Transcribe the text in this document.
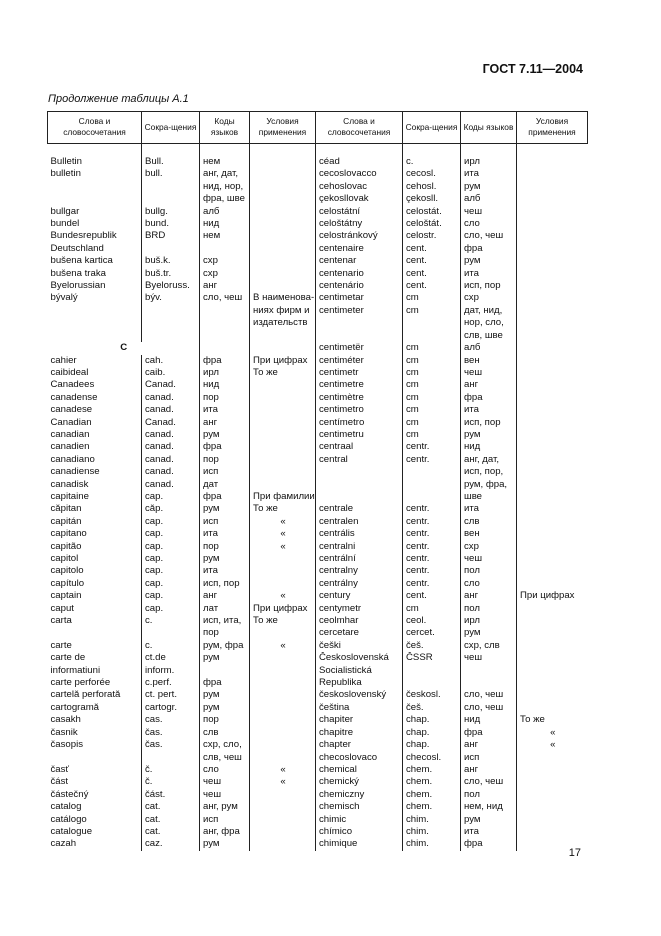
ГОСТ 7.11—2004
Продолжение таблицы А.1
Слова и словосочетания	Сокра-щения	Коды языков	Условия применения	Слова и словосочетания	Сокра-щения	Коды языков	Условия применения

Bulletin	Bull.	нем		céad	c.	ирл	
bulletin	bull.	анг, дат,		cecoslovacco	cecosl.	ита	
		нид, нор,		cehoslovac	cehosl.	рум	
		фра, шве		çekosllovak	çekosll.	алб	
bullgar	bullg.	алб		celostátní	celostát.	чеш	
bundel	bund.	нид		celoštátny	celoštát.	сло	
Bundesrepublik	BRD	нем		celostránkový	celostr.	сло, чеш	
Deutschland				centenaire	cent.	фра	
bušena kartica	buš.k.	схр		centenar	cent.	рум	
bušena traka	buš.tr.	схр		centenario	cent.	ита	
Byelorussian	Byeloruss.	анг		centenário	cent.	исп, пор	
bývalý	býv.	сло, чеш	В наименова-	centimetar	cm	схр	
			ниях фирм и	centimeter	cm	дат, нид,	
			издательств			нор, сло,	
						слв, шве	
C				centimetër	cm	алб	
cahier	cah.	фра	При цифрах	centiméter	cm	вен	
caibideal	caib.	ирл	То же	centimetr	cm	чеш	
Canadees	Canad.	нид		centimetre	cm	анг	
canadense	canad.	пор		centimètre	cm	фра	
canadese	canad.	ита		centimetro	cm	ита	
Canadian	Canad.	анг		centímetro	cm	исп, пор	
canadian	canad.	рум		centimetru	cm	рум	
canadien	canad.	фра		centraal	centr.	нид	
canadiano	canad.	пор		central	centr.	анг, дат,	
canadiense	canad.	исп				исп, пор,	
canadisk	canad.	дат				рум, фра,	
capitaine	cap.	фра	При фамилии			шве	
căpitan	căp.	рум	То же	centrale	centr.	ита	
capitán	cap.	исп	«	centralen	centr.	слв	
capitano	cap.	ита	«	centrális	centr.	вен	
capitão	cap.	пор	«	centralni	centr.	схр	
capitol	cap.	рум		centrální	centr.	чеш	
capitolo	cap.	ита		centralny	centr.	пол	
capítulo	cap.	исп, пор		centrálny	centr.	сло	
captain	cap.	анг	«	century	cent.	анг	При цифрах
caput	cap.	лат	При цифрах	centymetr	cm	пол	
carta	c.	исп, ита,	То же	ceolmhar	ceol.	ирл	
		пор		cercetare	cercet.	рум	
carte	c.	рум, фра	«	češki	češ.	схр, слв	
carte de	ct.de	рум		Československá	ČSSR	чеш	
informatiuni	inform.			Socialistická			
carte perforée	c.perf.	фра		Republika			
cartelă perforată	ct. pert.	рум		československý	českosl.	сло, чеш	
cartogramă	cartogr.	рум		čeština	češ.	сло, чеш	
casakh	cas.	пор		chapiter	chap.	нид	То же
časnik	čas.	слв		chapitre	chap.	фра	«
časopis	čas.	схр, сло,		chapter	chap.	анг	«
		слв, чеш		checoslovaco	checosl.	исп	
časť	č.	сло	«	chemical	chem.	анг	
část	č.	чеш	«	chemický	chem.	сло, чеш	
částečný	část.	чеш		chemiczny	chem.	пол	
catalog	cat.	анг, рум		chemisch	chem.	нем, нид	
catálogo	cat.	исп		chimic	chim.	рум	
catalogue	cat.	анг, фра		chímico	chim.	ита	
cazah	caz.	рум		chimique	chim.	фра	
17
